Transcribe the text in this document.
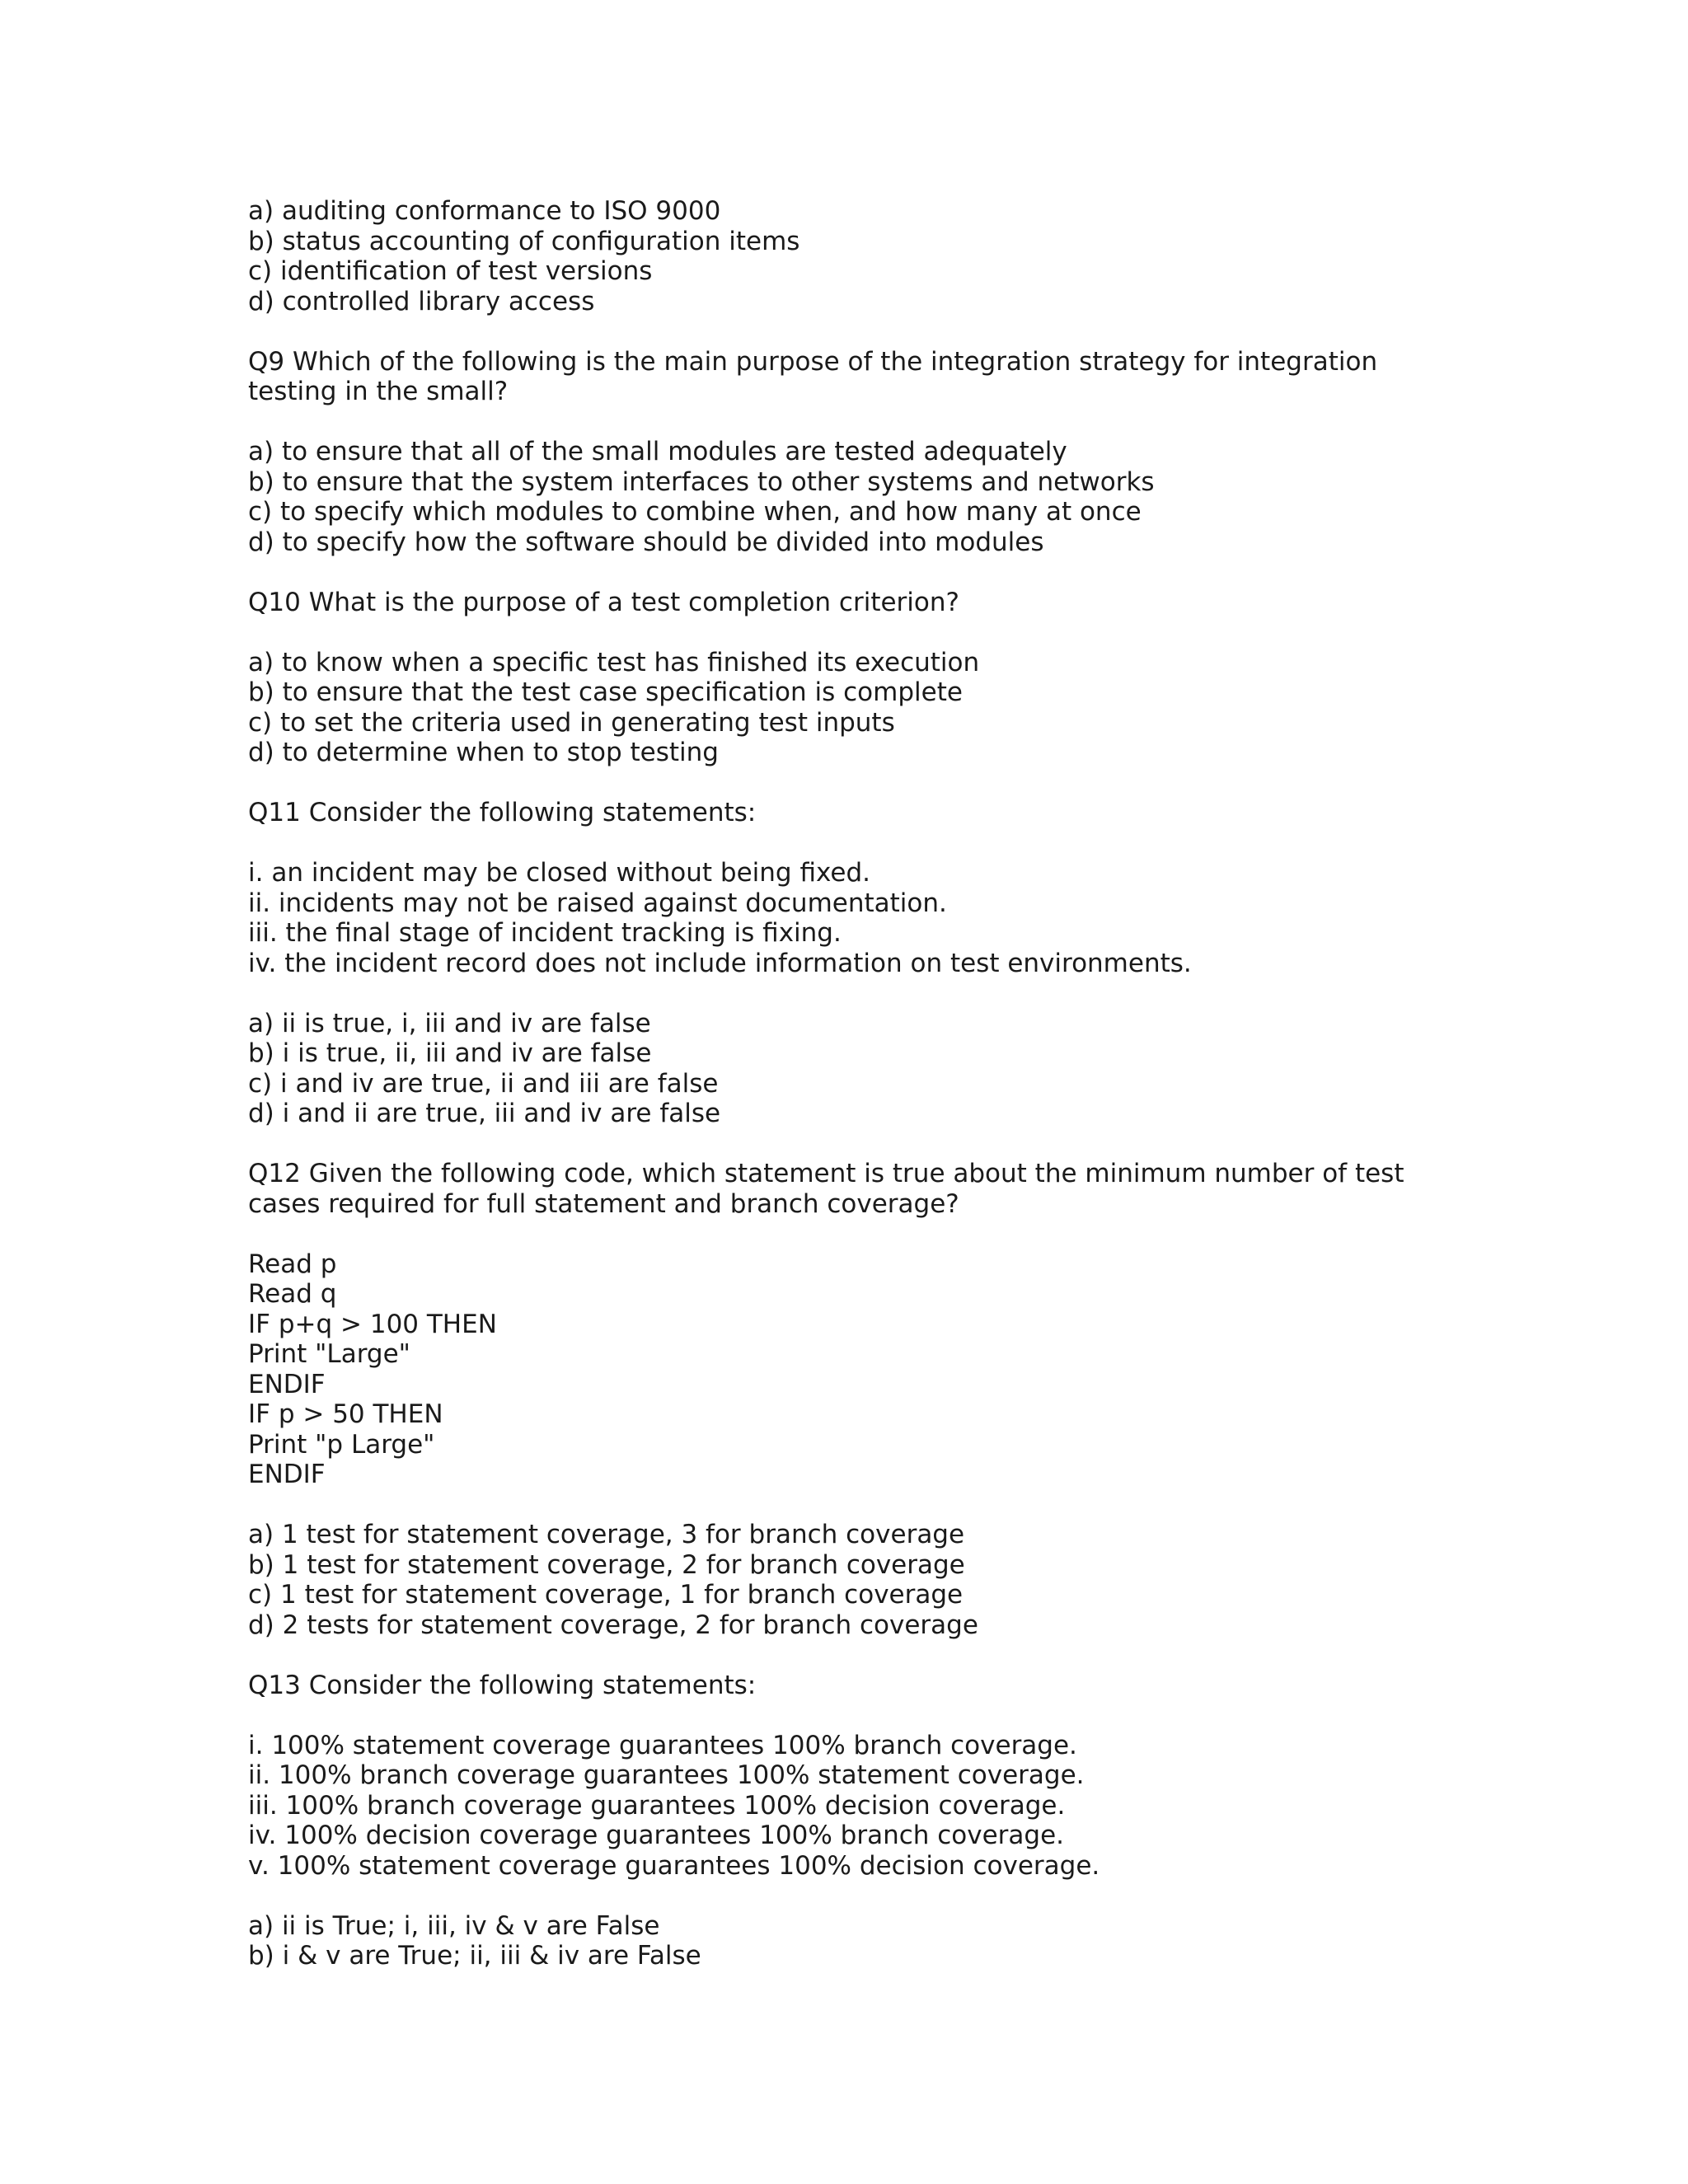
a) auditing conformance to ISO 9000
b) status accounting of configuration items
c) identification of test versions
d) controlled library access
Q9 Which of the following is the main purpose of the integration strategy for integration
testing in the small?
a) to ensure that all of the small modules are tested adequately
b) to ensure that the system interfaces to other systems and networks
c) to specify which modules to combine when, and how many at once
d) to specify how the software should be divided into modules
Q10 What is the purpose of a test completion criterion?
a) to know when a specific test has finished its execution
b) to ensure that the test case specification is complete
c) to set the criteria used in generating test inputs
d) to determine when to stop testing
Q11 Consider the following statements:
i. an incident may be closed without being fixed.
ii. incidents may not be raised against documentation.
iii. the final stage of incident tracking is fixing.
iv. the incident record does not include information on test environments.
a) ii is true, i, iii and iv are false
b) i is true, ii, iii and iv are false
c) i and iv are true, ii and iii are false
d) i and ii are true, iii and iv are false
Q12 Given the following code, which statement is true about the minimum number of test
cases required for full statement and branch coverage?
Read p
Read q
IF p+q > 100 THEN
Print "Large"
ENDIF
IF p > 50 THEN
Print "p Large"
ENDIF
a) 1 test for statement coverage, 3 for branch coverage
b) 1 test for statement coverage, 2 for branch coverage
c) 1 test for statement coverage, 1 for branch coverage
d) 2 tests for statement coverage, 2 for branch coverage
Q13 Consider the following statements:
i. 100% statement coverage guarantees 100% branch coverage.
ii. 100% branch coverage guarantees 100% statement coverage.
iii. 100% branch coverage guarantees 100% decision coverage.
iv. 100% decision coverage guarantees 100% branch coverage.
v. 100% statement coverage guarantees 100% decision coverage.
a) ii is True; i, iii, iv & v are False
b) i & v are True; ii, iii & iv are False
